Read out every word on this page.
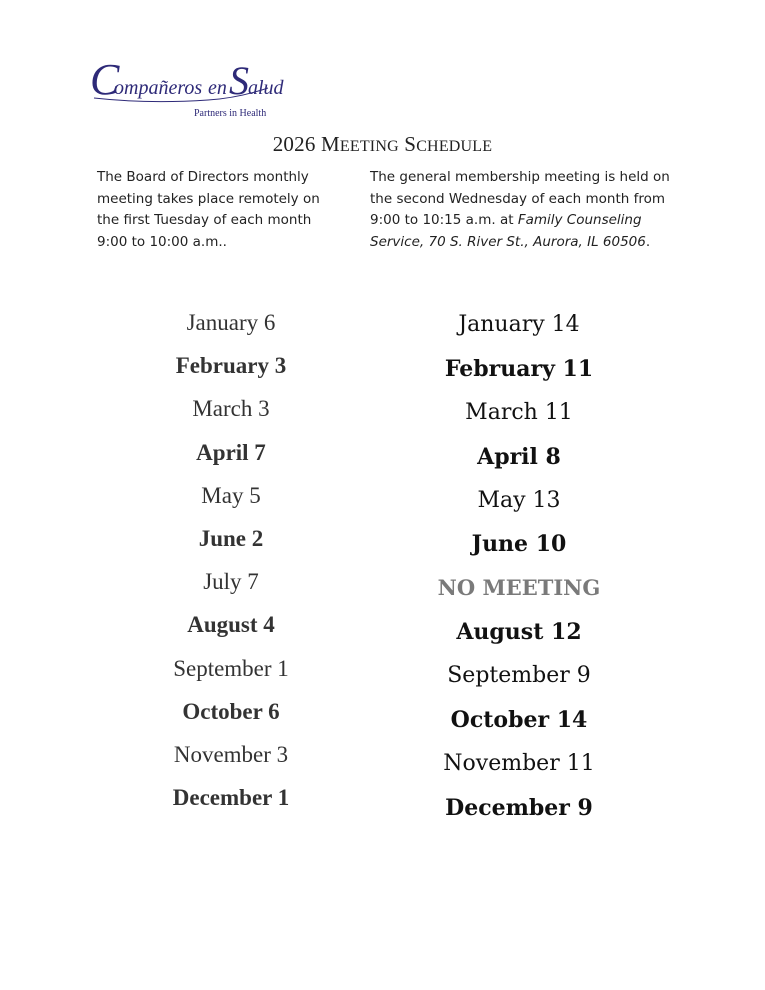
C
ompañeros en S alud
Partners in Health
2026 MEETING SCHEDULE
The Board of Directors monthly meeting takes place remotely on the first Tuesday of each month 9:00 to 10:00 a.m..
The general membership meeting is held on the second Wednesday of each month from 9:00 to 10:15 a.m. at Family Counseling Service, 70 S. River St., Aurora, IL 60506.
January 6
February 3
March 3
April 7
May 5
June 2
July 7
August 4
September 1
October 6
November 3
December 1
January 14
February 11
March 11
April 8
May 13
June 10
NO MEETING
August 12
September 9
October 14
November 11
December 9
